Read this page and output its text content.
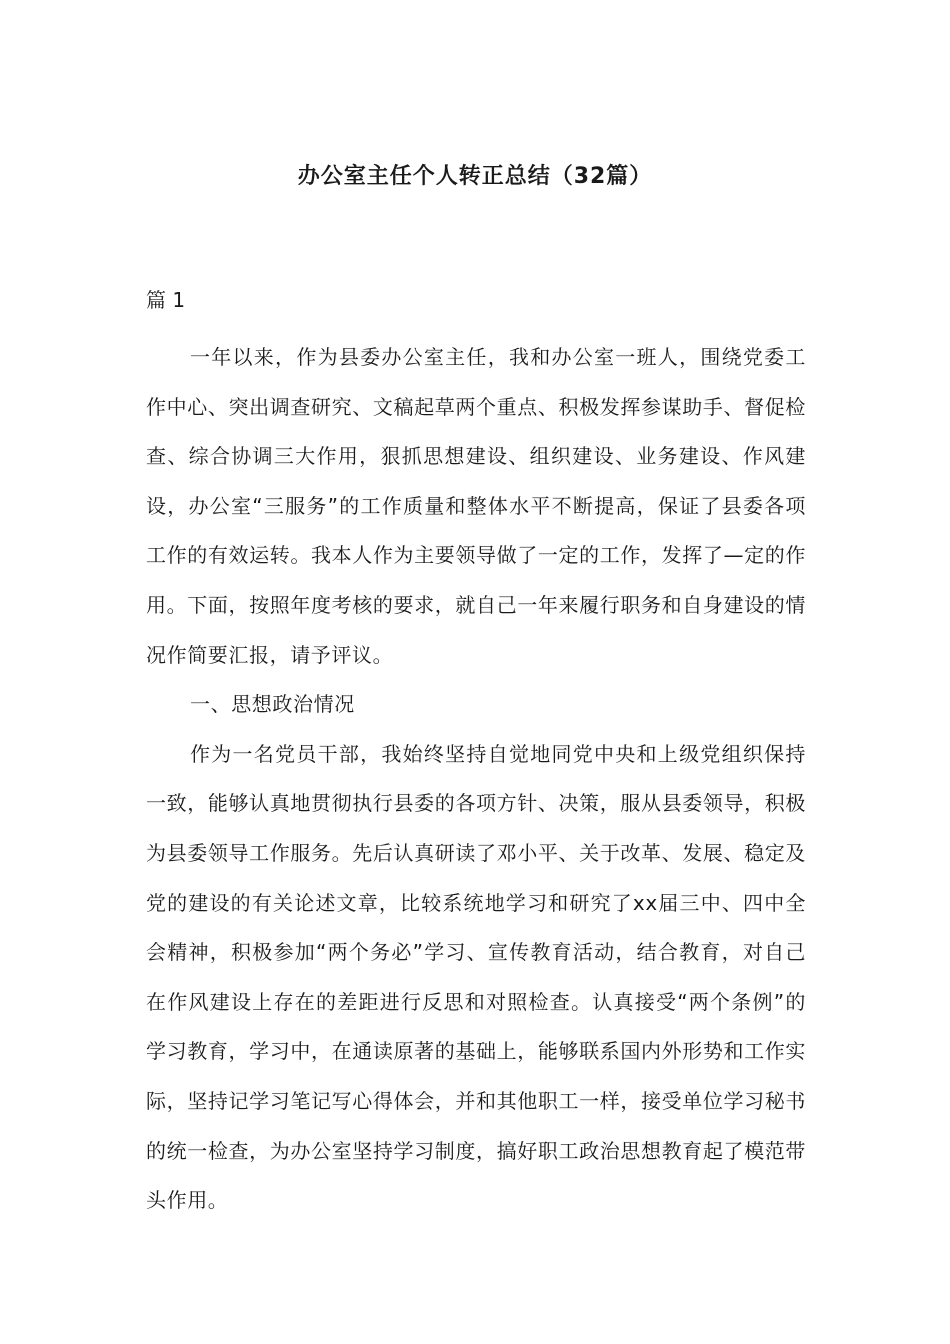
办公室主任个人转正总结（32篇）
篇 1

一年以来，作为县委办公室主任，我和办公室一班人，围绕党委工作中心、突出调查研究、文稿起草两个重点、积极发挥参谋助手、督促检查、综合协调三大作用，狠抓思想建设、组织建设、业务建设、作风建设，办公室“三服务”的工作质量和整体水平不断提高，保证了县委各项工作的有效运转。我本人作为主要领导做了一定的工作，发挥了—定的作用。下面，按照年度考核的要求，就自己一年来履行职务和自身建设的情况作简要汇报，请予评议。

一、思想政治情况

作为一名党员干部，我始终坚持自觉地同党中央和上级党组织保持一致，能够认真地贯彻执行县委的各项方针、决策，服从县委领导，积极为县委领导工作服务。先后认真研读了邓小平、关于改革、发展、稳定及党的建设的有关论述文章，比较系统地学习和研究了xx届三中、四中全会精神，积极参加“两个务必”学习、宣传教育活动，结合教育，对自己在作风建设上存在的差距进行反思和对照检查。认真接受“两个条例”的学习教育，学习中，在通读原著的基础上，能够联系国内外形势和工作实际，坚持记学习笔记写心得体会，并和其他职工一样，接受单位学习秘书的统一检查，为办公室坚持学习制度，搞好职工政治思想教育起了模范带头作用。
